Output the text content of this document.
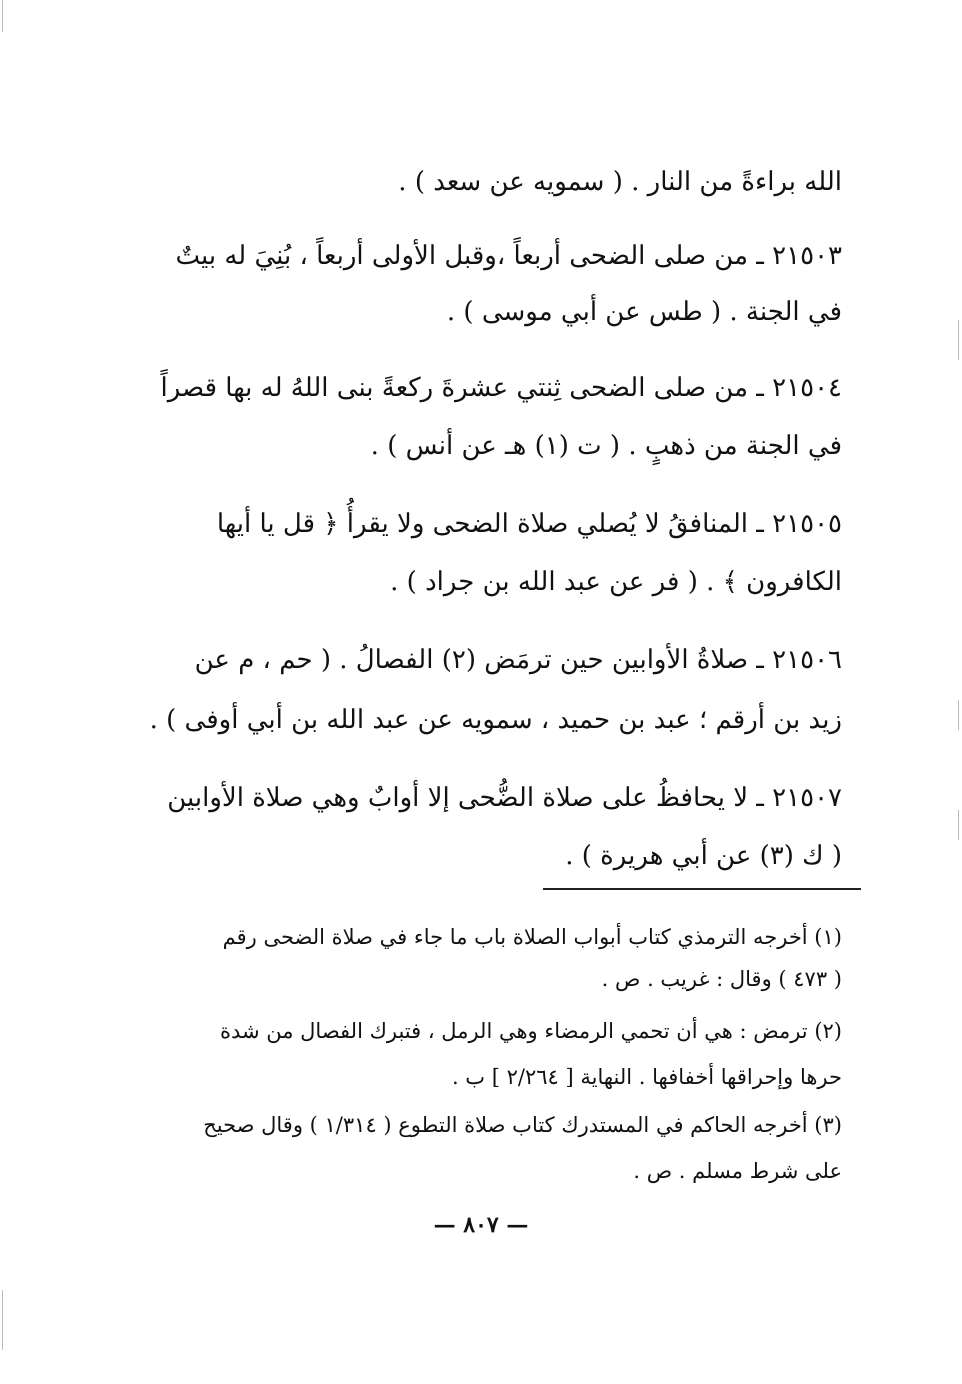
الله براءةً من النار . ( سمويه عن سعد ) .
٢١٥٠٣ ـ من صلى الضحى أربعاً ،وقبل الأولى أربعاً ، بُنِيَ له بيتٌ
في الجنة . ( طس عن أبي موسى ) .
٢١٥٠٤ ـ من صلى الضحى ثِنتي عشرةَ ركعةً بنى اللهُ له بها قصراً
في الجنة من ذهبٍ . ( ت (١) هـ عن أنس ) .
٢١٥٠٥ ـ المنافقُ لا يُصلي صلاة الضحى ولا يقرأُ ﴿ قل يا أيها
الكافرون ﴾ . ( فر عن عبد الله بن جراد ) .
٢١٥٠٦ ـ صلاةُ الأوابين حين ترمَض (٢) الفصالُ . ( حم ، م عن
زيد بن أرقم ؛ عبد بن حميد ، سمويه عن عبد الله بن أبي أوفى ) .
٢١٥٠٧ ـ لا يحافظُ على صلاة الضُّحى إلا أوابٌ وهي صلاة الأوابين
( ك (٣) عن أبي هريرة ) .
(١) أخرجه الترمذي كتاب أبواب الصلاة باب ما جاء في صلاة الضحى رقم
( ٤٧٣ ) وقال : غريب . ص .
(٢) ترمض : هي أن تحمي الرمضاء وهي الرمل ، فتبرك الفصال من شدة
حرها وإحراقها أخفافها . النهاية [ ٢/٢٦٤ ] ب .
(٣) أخرجه الحاكم في المستدرك كتاب صلاة التطوع ( ١/٣١٤ ) وقال صحيح
على شرط مسلم . ص .
— ٨٠٧ —
